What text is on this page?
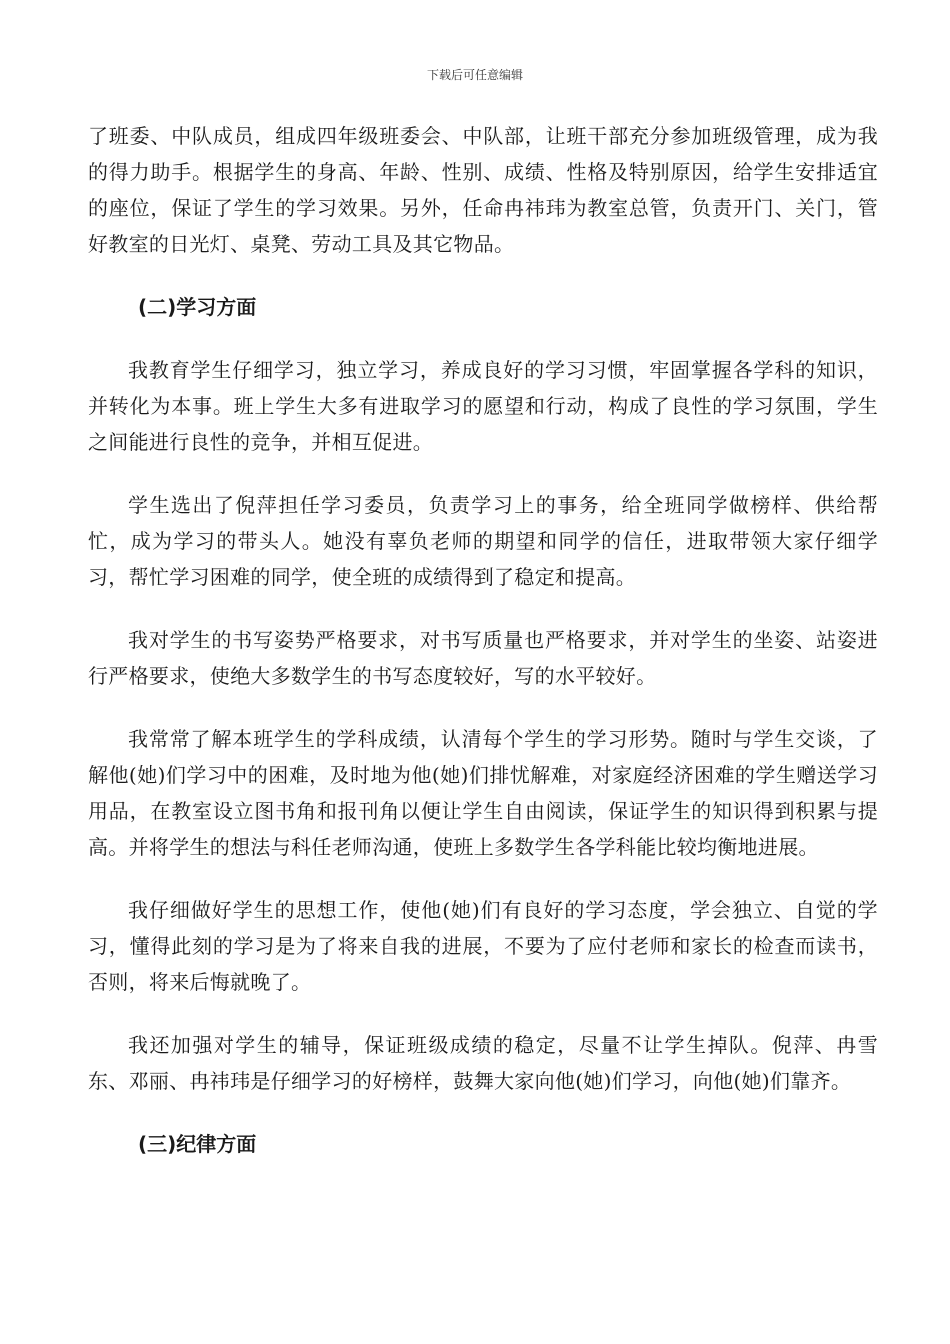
下载后可任意编辑

了班委、中队成员，组成四年级班委会、中队部，让班干部充分参加班级管理，成为我的得力助手。根据学生的身高、年龄、性别、成绩、性格及特别原因，给学生安排适宜的座位，保证了学生的学习效果。另外，任命冉祎玮为教室总管，负责开门、关门，管好教室的日光灯、桌凳、劳动工具及其它物品。

(二)学习方面

我教育学生仔细学习，独立学习，养成良好的学习习惯，牢固掌握各学科的知识，并转化为本事。班上学生大多有进取学习的愿望和行动，构成了良性的学习氛围，学生之间能进行良性的竞争，并相互促进。

学生选出了倪萍担任学习委员，负责学习上的事务，给全班同学做榜样、供给帮忙，成为学习的带头人。她没有辜负老师的期望和同学的信任，进取带领大家仔细学习，帮忙学习困难的同学，使全班的成绩得到了稳定和提高。

我对学生的书写姿势严格要求，对书写质量也严格要求，并对学生的坐姿、站姿进行严格要求，使绝大多数学生的书写态度较好，写的水平较好。

我常常了解本班学生的学科成绩，认清每个学生的学习形势。随时与学生交谈，了解他(她)们学习中的困难，及时地为他(她)们排忧解难，对家庭经济困难的学生赠送学习用品，在教室设立图书角和报刊角以便让学生自由阅读，保证学生的知识得到积累与提高。并将学生的想法与科任老师沟通，使班上多数学生各学科能比较均衡地进展。

我仔细做好学生的思想工作，使他(她)们有良好的学习态度，学会独立、自觉的学习，懂得此刻的学习是为了将来自我的进展，不要为了应付老师和家长的检查而读书，否则，将来后悔就晚了。

我还加强对学生的辅导，保证班级成绩的稳定，尽量不让学生掉队。倪萍、冉雪东、邓丽、冉祎玮是仔细学习的好榜样，鼓舞大家向他(她)们学习，向他(她)们靠齐。

(三)纪律方面
